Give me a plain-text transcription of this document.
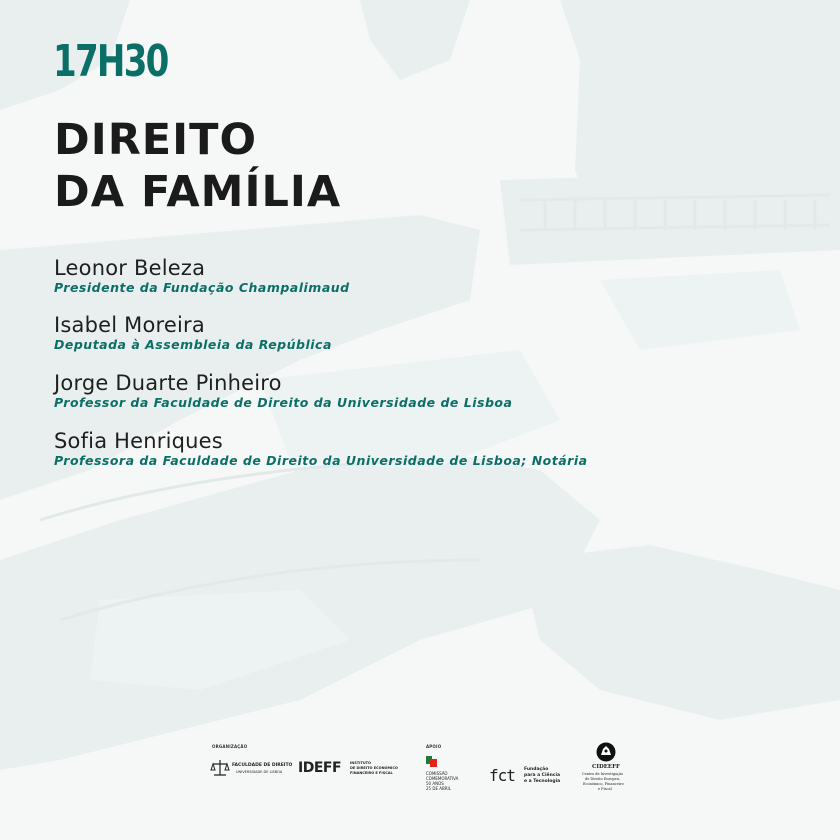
17H30
DIREITO
DA FAMÍLIA
Leonor Beleza
Presidente da Fundação Champalimaud
Isabel Moreira
Deputada à Assembleia da República
Jorge Duarte Pinheiro
Professor da Faculdade de Direito da Universidade de Lisboa
Sofia Henriques
Professora da Faculdade de Direito da Universidade de Lisboa; Notária
ORGANIZAÇÃO	APOIO
FACULDADE DE DIREITO
UNIVERSIDADE DE LISBOA IDEFF	INSTITUTO
DE DIREITO ECONÓMICO
FINANCEIRO E FISCAL	COMISSÃO
COMEMORATIVA
50 ANOS
25 DE ABRIL
fct Fundação
para a Ciência
e a Tecnologia
CIDEEFF
Centro de Investigação
de Direito Europeu,
Económico, Financeiro
e Fiscal
